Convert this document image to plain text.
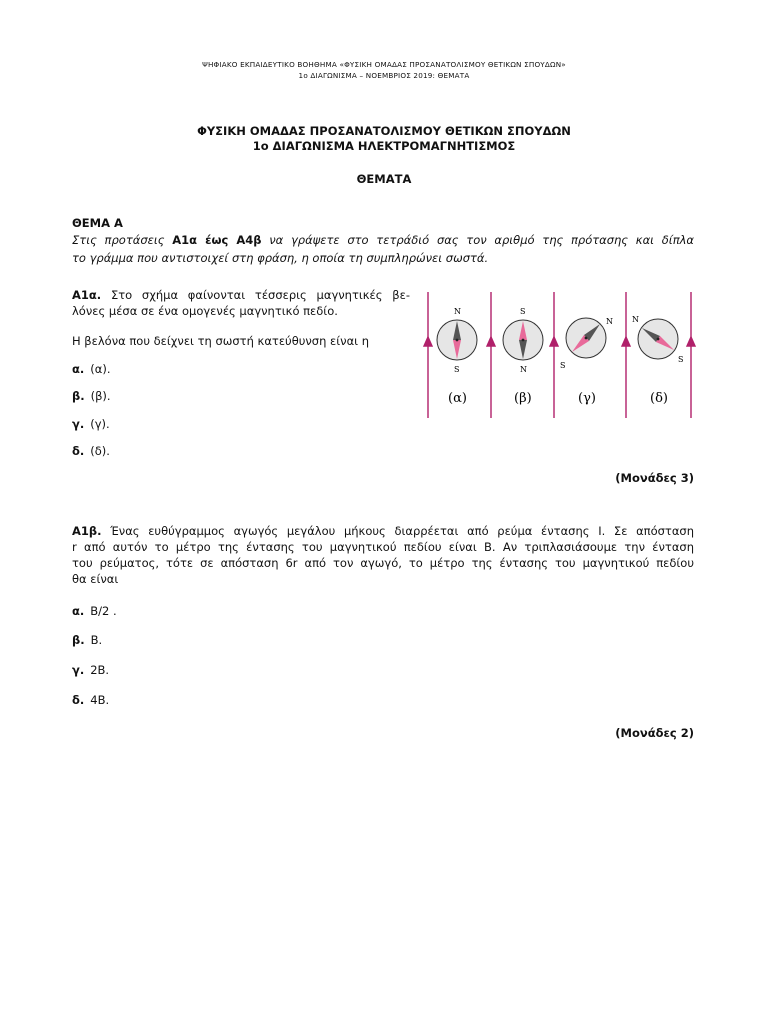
ΨΗΦΙΑΚΟ ΕΚΠΑΙΔΕΥΤΙΚΟ ΒΟΗΘΗΜΑ «ΦΥΣΙΚΗ ΟΜΑΔΑΣ ΠΡΟΣΑΝΑΤΟΛΙΣΜΟΥ ΘΕΤΙΚΩΝ ΣΠΟΥΔΩΝ»
1ο ΔΙΑΓΩΝΙΣΜΑ – ΝΟΕΜΒΡΙΟΣ 2019: ΘΕΜΑΤΑ
ΦΥΣΙΚΗ ΟΜΑΔΑΣ ΠΡΟΣΑΝΑΤΟΛΙΣΜΟΥ ΘΕΤΙΚΩΝ ΣΠΟΥΔΩΝ
1ο ΔΙΑΓΩΝΙΣΜΑ ΗΛΕΚΤΡΟΜΑΓΝΗΤΙΣΜΟΣ
ΘΕΜΑΤΑ
ΘΕΜΑ Α
Στις προτάσεις Α1α έως Α4β να γράψετε στο τετράδιό σας τον αριθμό της πρότασης και δίπλα
το γράμμα που αντιστοιχεί στη φράση, η οποία τη συμπληρώνει σωστά.
Α1α. Στο σχήμα φαίνονται τέσσερις μαγνητικές βε-
λόνες μέσα σε ένα ομογενές μαγνητικό πεδίο.
Η βελόνα που δείχνει τη σωστή κατεύθυνση είναι η
α. (α).
β. (β).
γ. (γ).
δ. (δ).
N
S
(α)
S
N
(β)
N
S
(γ)
N
S
(δ)
(Μονάδες 3)
Α1β. Ένας ευθύγραμμος αγωγός μεγάλου μήκους διαρρέεται από ρεύμα έντασης Ι. Σε απόσταση
r από αυτόν το μέτρο της έντασης του μαγνητικού πεδίου είναι Β. Αν τριπλασιάσουμε την ένταση
του ρεύματος, τότε σε απόσταση 6r από τον αγωγό, το μέτρο της έντασης του μαγνητικού πεδίου
θα είναι
α. Β/2 .
β. Β.
γ. 2Β.
δ. 4Β.
(Μονάδες 2)
